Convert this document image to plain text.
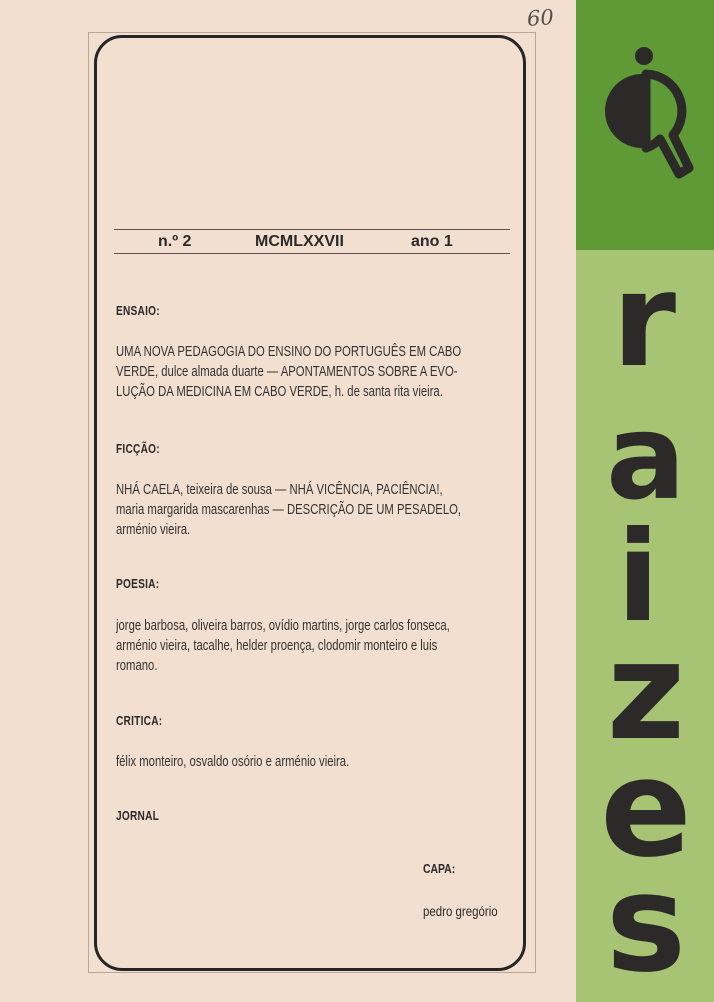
60
n.º 2	MCMLXXVII	ano 1
ENSAIO:
UMA NOVA PEDAGOGIA DO ENSINO DO PORTUGUÊS EM CABO
VERDE, dulce almada duarte — APONTAMENTOS SOBRE A EVO-
LUÇÃO DA MEDICINA EM CABO VERDE, h. de santa rita vieira.
FICÇÃO:
NHÁ CAELA, teixeira de sousa — NHÁ VICÊNCIA, PACIÊNCIA!,
maria margarida mascarenhas — DESCRIÇÃO DE UM PESADELO,
arménio vieira.
POESIA:
jorge barbosa, oliveira barros, ovídio martins, jorge carlos fonseca,
arménio vieira, tacalhe, helder proença, clodomir monteiro e luis
romano.
CRITICA:
félix monteiro, osvaldo osório e arménio vieira.
JORNAL
CAPA:
pedro gregório
r
a
i
z
e
s
